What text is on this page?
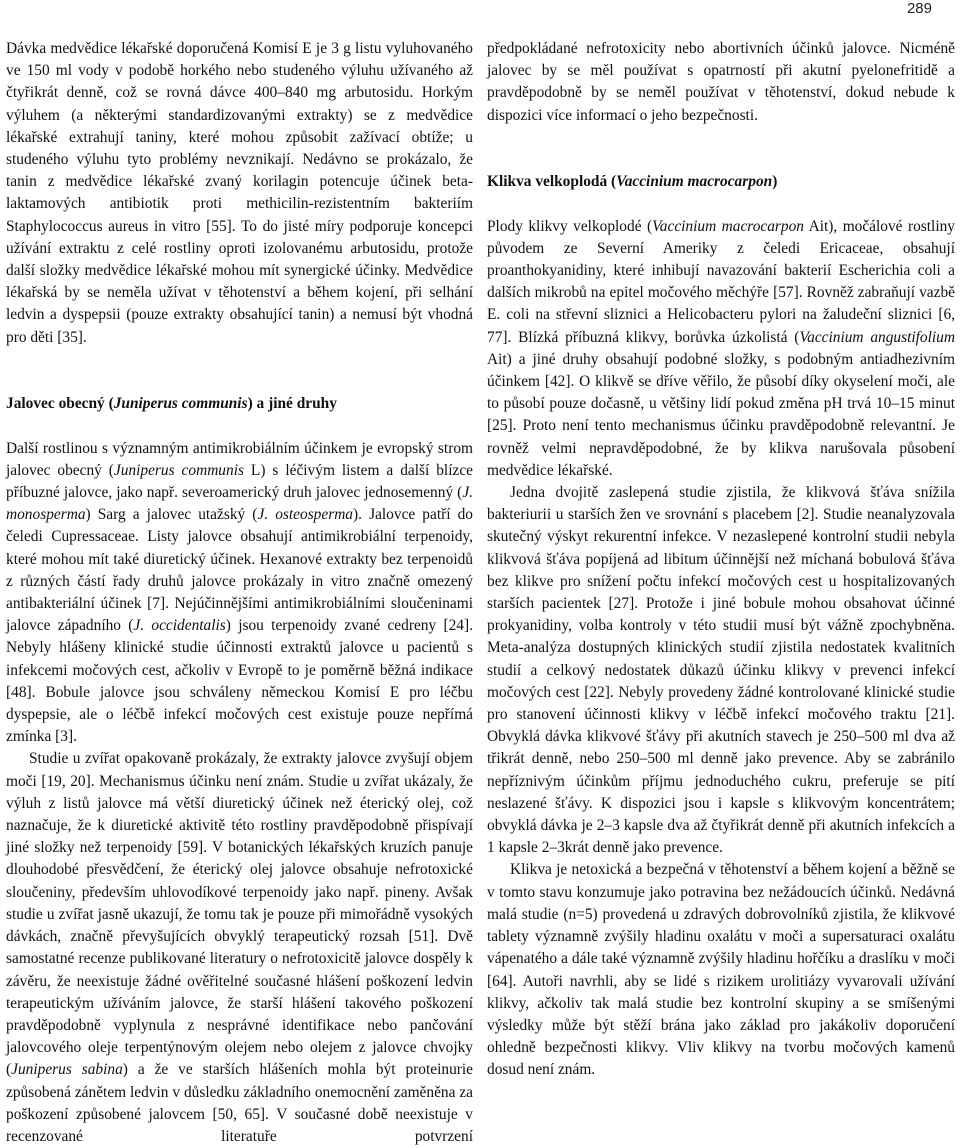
289

Dávka medvědice lékařské doporučená Komisí E je 3 g listu vyluhovaného ve 150 ml vody v podobě horkého nebo studeného výluhu užívaného až čtyřikrát denně, což se rovná dávce 400–840 mg arbutosidu. Horkým výluhem (a některými standardizovanými extrakty) se z medvědice lékařské extrahují taniny, které mohou způsobit zažívací obtíže; u studeného výluhu tyto problémy nevznikají. Nedávno se prokázalo, že tanin z medvědice lékařské zvaný korilagin potencuje účinek beta-laktamových antibiotik proti methicilin-rezistentním bakteriím Staphylococcus aureus in vitro [55]. To do jisté míry podporuje koncepci užívání extraktu z celé rostliny oproti izolovanému arbutosidu, protože další složky medvědice lékařské mohou mít synergické účinky. Medvědice lékařská by se neměla užívat v těhotenství a během kojení, při selhání ledvin a dyspepsii (pouze extrakty obsahující tanin) a nemusí být vhodná pro děti [35].

Jalovec obecný (Juniperus communis) a jiné druhy

Další rostlinou s významným antimikrobiálním účinkem je evropský strom jalovec obecný (Juniperus communis L) s léčivým listem a další blízce příbuzné jalovce, jako např. severoamerický druh jalovec jednosemenný (J. monosperma) Sarg a jalovec utažský (J. osteosperma). Jalovce patří do čeledi Cupressaceae. Listy jalovce obsahují antimikrobiální terpenoidy, které mohou mít také diuretický účinek. Hexanové extrakty bez terpenoidů z různých částí řady druhů jalovce prokázaly in vitro značně omezený antibakteriální účinek [7]. Nejúčinnějšími antimikrobiálními sloučeninami jalovce západního (J. occidentalis) jsou terpenoidy zvané cedreny [24]. Nebyly hlášeny klinické studie účinnosti extraktů jalovce u pacientů s infekcemi močových cest, ačkoliv v Evropě to je poměrně běžná indikace [48]. Bobule jalovce jsou schváleny německou Komisí E pro léčbu dyspepsie, ale o léčbě infekcí močových cest existuje pouze nepřímá zmínka [3].

Studie u zvířat opakovaně prokázaly, že extrakty jalovce zvyšují objem moči [19, 20]. Mechanismus účinku není znám. Studie u zvířat ukázaly, že výluh z listů jalovce má větší diuretický účinek než éterický olej, což naznačuje, že k diuretické aktivitě této rostliny pravděpodobně přispívají jiné složky než terpenoidy [59]. V botanických lékařských kruzích panuje dlouhodobé přesvědčení, že éterický olej jalovce obsahuje nefrotoxické sloučeniny, především uhlovodíkové terpenoidy jako např. pineny. Avšak studie u zvířat jasně ukazují, že tomu tak je pouze při mimořádně vysokých dávkách, značně převyšujících obvyklý terapeutický rozsah [51]. Dvě samostatné recenze publikované literatury o nefrotoxicitě jalovce dospěly k závěru, že neexistuje žádné ověřitelné současné hlášení poškození ledvin terapeutickým užíváním jalovce, že starší hlášení takového poškození pravděpodobně vyplynula z nesprávné identifikace nebo pančování jalovcového oleje terpentýnovým olejem nebo olejem z jalovce chvojky (Juniperus sabina) a že ve starších hlášeních mohla být proteinurie způsobená zánětem ledvin v důsledku základního onemocnění zaměněna za poškození způsobené jalovcem [50, 65]. V současné době neexistuje v recenzované literatuře potvrzení

předpokládané nefrotoxicity nebo abortivních účinků jalovce. Nicméně jalovec by se měl používat s opatrností při akutní pyelonefritidě a pravděpodobně by se neměl používat v těhotenství, dokud nebude k dispozici více informací o jeho bezpečnosti.

Klikva velkoplodá (Vaccinium macrocarpon)

Plody klikvy velkoplodé (Vaccinium macrocarpon Ait), močálové rostliny původem ze Severní Ameriky z čeledi Ericaceae, obsahují proanthokyanidiny, které inhibují navazování bakterií Escherichia coli a dalších mikrobů na epitel močového měchýře [57]. Rovněž zabraňují vazbě E. coli na střevní sliznici a Helicobacteru pylori na žaludeční sliznici [6, 77]. Blízká příbuzná klikvy, borůvka úzkolistá (Vaccinium angustifolium Ait) a jiné druhy obsahují podobné složky, s podobným antiadhezivním účinkem [42]. O klikvě se dříve věřilo, že působí díky okyselení moči, ale to působí pouze dočasně, u většiny lidí pokud změna pH trvá 10–15 minut [25]. Proto není tento mechanismus účinku pravděpodobně relevantní. Je rovněž velmi nepravděpodobné, že by klikva narušovala působení medvědice lékařské.

Jedna dvojitě zaslepená studie zjistila, že klikvová šťáva snížila bakteriurii u starších žen ve srovnání s placebem [2]. Studie neanalyzovala skutečný výskyt rekurentní infekce. V nezaslepené kontrolní studii nebyla klikvová šťáva popíjená ad libitum účinnější než míchaná bobulová šťáva bez klikve pro snížení počtu infekcí močových cest u hospitalizovaných starších pacientek [27]. Protože i jiné bobule mohou obsahovat účinné prokyanidiny, volba kontroly v této studii musí být vážně zpochybněna. Meta-analýza dostupných klinických studií zjistila nedostatek kvalitních studií a celkový nedostatek důkazů účinku klikvy v prevenci infekcí močových cest [22]. Nebyly provedeny žádné kontrolované klinické studie pro stanovení účinnosti klikvy v léčbě infekcí močového traktu [21]. Obvyklá dávka klikvové šťávy při akutních stavech je 250–500 ml dva až třikrát denně, nebo 250–500 ml denně jako prevence. Aby se zabránilo nepříznivým účinkům příjmu jednoduchého cukru, preferuje se pití neslazené šťávy. K dispozici jsou i kapsle s klikvovým koncentrátem; obvyklá dávka je 2–3 kapsle dva až čtyřikrát denně při akutních infekcích a 1 kapsle 2–3krát denně jako prevence.

Klikva je netoxická a bezpečná v těhotenství a během kojení a běžně se v tomto stavu konzumuje jako potravina bez nežádoucích účinků. Nedávná malá studie (n=5) provedená u zdravých dobrovolníků zjistila, že klikvové tablety významně zvýšily hladinu oxalátu v moči a supersaturaci oxalátu vápenatého a dále také významně zvýšily hladinu hořčíku a draslíku v moči [64]. Autoři navrhli, aby se lidé s rizikem urolitiázy vyvarovali užívání klikvy, ačkoliv tak malá studie bez kontrolní skupiny a se smíšenými výsledky může být stěží brána jako základ pro jakákoliv doporučení ohledně bezpečnosti klikvy. Vliv klikvy na tvorbu močových kamenů dosud není znám.
